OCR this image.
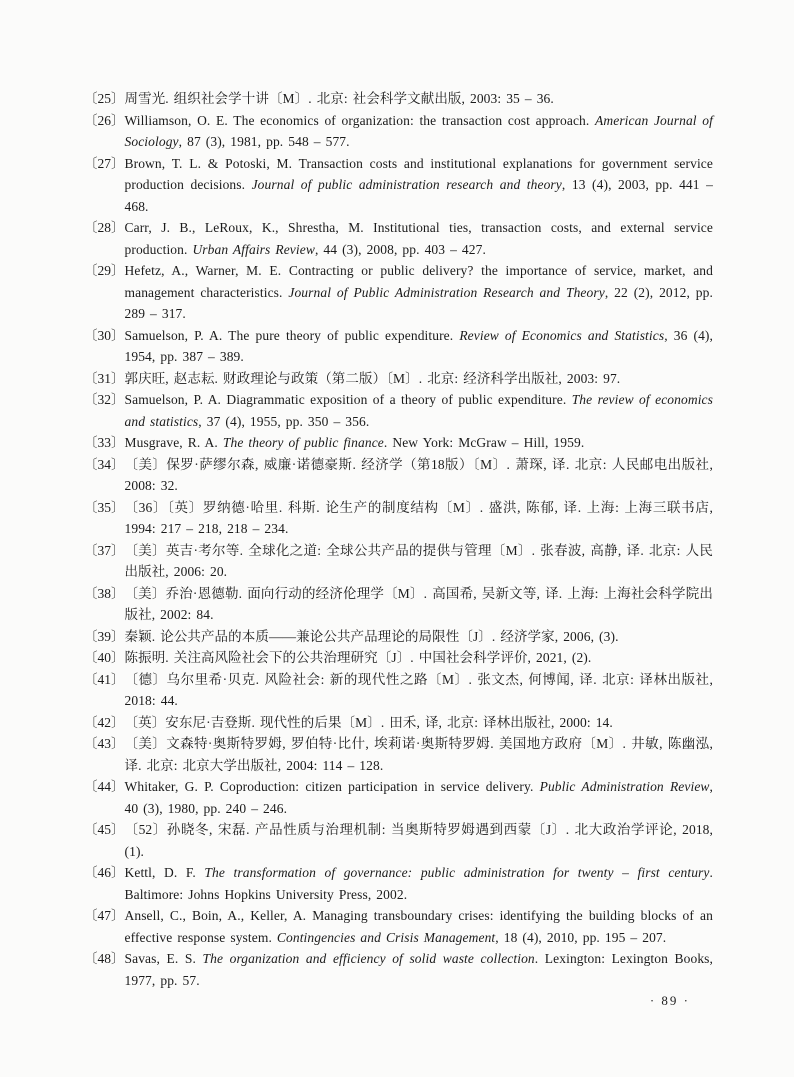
〔25〕 周雪光. 组织社会学十讲〔M〕. 北京: 社会科学文献出版, 2003: 35 – 36.
〔26〕 Williamson, O. E. The economics of organization: the transaction cost approach. American Journal of Sociology, 87 (3), 1981, pp. 548 – 577.
〔27〕 Brown, T. L. & Potoski, M. Transaction costs and institutional explanations for government service production decisions. Journal of public administration research and theory, 13 (4), 2003, pp. 441 – 468.
〔28〕 Carr, J. B., LeRoux, K., Shrestha, M. Institutional ties, transaction costs, and external service production. Urban Affairs Review, 44 (3), 2008, pp. 403 – 427.
〔29〕 Hefetz, A., Warner, M. E. Contracting or public delivery? the importance of service, market, and management characteristics. Journal of Public Administration Research and Theory, 22 (2), 2012, pp. 289 – 317.
〔30〕 Samuelson, P. A. The pure theory of public expenditure. Review of Economics and Statistics, 36 (4), 1954, pp. 387 – 389.
〔31〕 郭庆旺, 赵志耘. 财政理论与政策（第二版）〔M〕. 北京: 经济科学出版社, 2003: 97.
〔32〕 Samuelson, P. A. Diagrammatic exposition of a theory of public expenditure. The review of economics and statistics, 37 (4), 1955, pp. 350 – 356.
〔33〕 Musgrave, R. A. The theory of public finance. New York: McGraw – Hill, 1959.
〔34〕 〔美〕保罗·萨缪尔森, 威廉·诺德豪斯. 经济学（第18版）〔M〕. 萧琛, 译. 北京: 人民邮电出版社, 2008: 32.
〔35〕 〔36〕〔英〕罗纳德·哈里. 科斯. 论生产的制度结构〔M〕. 盛洪, 陈郁, 译. 上海: 上海三联书店, 1994: 217 – 218, 218 – 234.
〔37〕 〔美〕英吉·考尔等. 全球化之道: 全球公共产品的提供与管理〔M〕. 张春波, 高静, 译. 北京: 人民出版社, 2006: 20.
〔38〕 〔美〕乔治·恩德勒. 面向行动的经济伦理学〔M〕. 高国希, 吴新文等, 译. 上海: 上海社会科学院出版社, 2002: 84.
〔39〕 秦颖. 论公共产品的本质——兼论公共产品理论的局限性〔J〕. 经济学家, 2006, (3).
〔40〕 陈振明. 关注高风险社会下的公共治理研究〔J〕. 中国社会科学评价, 2021, (2).
〔41〕 〔德〕乌尔里希·贝克. 风险社会: 新的现代性之路〔M〕. 张文杰, 何博闻, 译. 北京: 译林出版社, 2018: 44.
〔42〕 〔英〕安东尼·吉登斯. 现代性的后果〔M〕. 田禾, 译, 北京: 译林出版社, 2000: 14.
〔43〕 〔美〕文森特·奥斯特罗姆, 罗伯特·比什, 埃莉诺·奥斯特罗姆. 美国地方政府〔M〕. 井敏, 陈幽泓, 译. 北京: 北京大学出版社, 2004: 114 – 128.
〔44〕 Whitaker, G. P. Coproduction: citizen participation in service delivery. Public Administration Review, 40 (3), 1980, pp. 240 – 246.
〔45〕 〔52〕孙晓冬, 宋磊. 产品性质与治理机制: 当奥斯特罗姆遇到西蒙〔J〕. 北大政治学评论, 2018, (1).
〔46〕 Kettl, D. F. The transformation of governance: public administration for twenty – first century. Baltimore: Johns Hopkins University Press, 2002.
〔47〕 Ansell, C., Boin, A., Keller, A. Managing transboundary crises: identifying the building blocks of an effective response system. Contingencies and Crisis Management, 18 (4), 2010, pp. 195 – 207.
〔48〕 Savas, E. S. The organization and efficiency of solid waste collection. Lexington: Lexington Books, 1977, pp. 57.
· 89 ·
